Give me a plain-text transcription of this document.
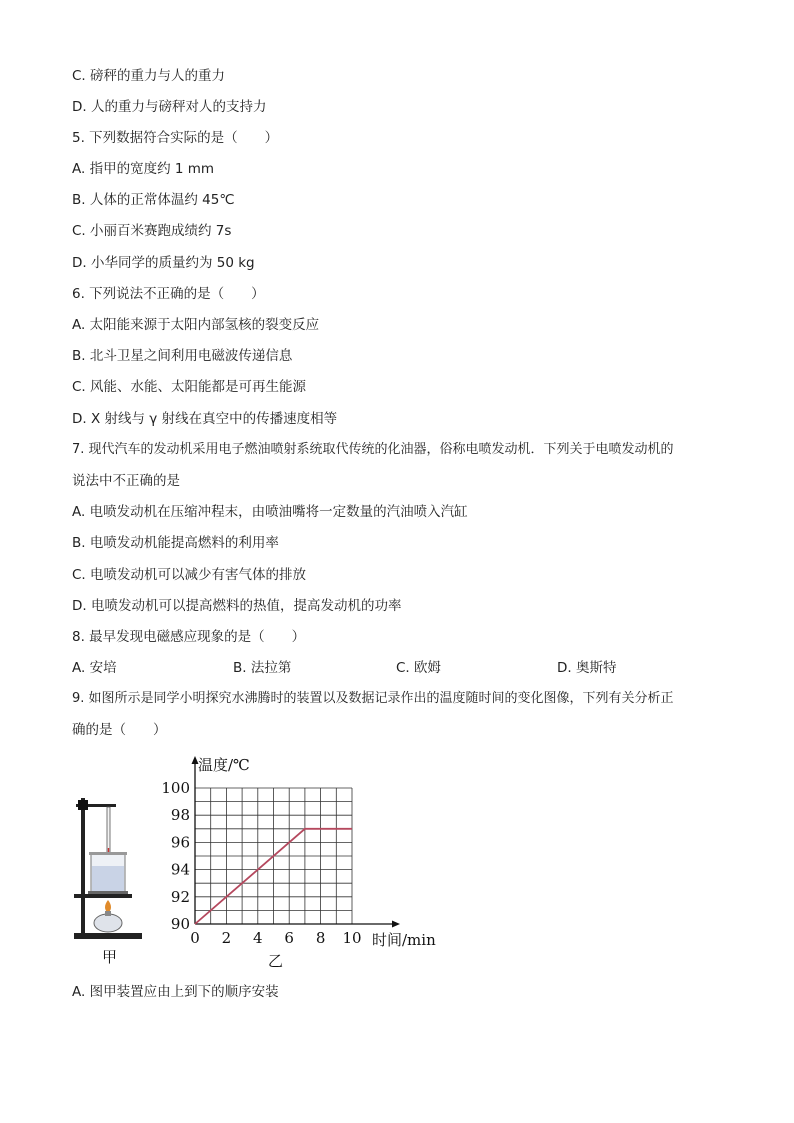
C. 磅秤的重力与人的重力
D. 人的重力与磅秤对人的支持力
5. 下列数据符合实际的是（　　）
A. 指甲的宽度约 1 mm
B. 人体的正常体温约 45℃
C. 小丽百米赛跑成绩约 7s
D. 小华同学的质量约为 50 kg
6. 下列说法不正确的是（　　）
A. 太阳能来源于太阳内部氢核的裂变反应
B. 北斗卫星之间利用电磁波传递信息
C. 风能、水能、太阳能都是可再生能源
D. X 射线与 γ 射线在真空中的传播速度相等
7. 现代汽车的发动机采用电子燃油喷射系统取代传统的化油器，俗称电喷发动机．下列关于电喷发动机的
说法中不正确的是
A. 电喷发动机在压缩冲程末，由喷油嘴将一定数量的汽油喷入汽缸
B. 电喷发动机能提高燃料的利用率
C. 电喷发动机可以减少有害气体的排放
D. 电喷发动机可以提高燃料的热值，提高发动机的功率
8. 最早发现电磁感应现象的是（　　）
A. 安培	B. 法拉第	C. 欧姆	D. 奥斯特
9. 如图所示是同学小明探究水沸腾时的装置以及数据记录作出的温度随时间的变化图像，下列有关分析正
确的是（　　）
A. 图甲装置应由上到下的顺序安装
甲
0 2 4 6 8 10
90
92
94
96
98
100
温度/℃
时间/min
乙
